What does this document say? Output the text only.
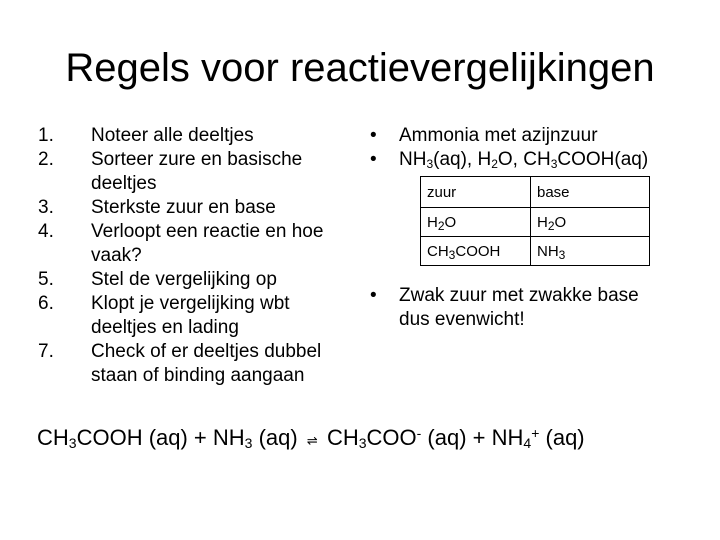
Regels voor reactievergelijkingen
1.	Noteer alle deeltjes
2.	Sorteer zure en basische
deeltjes
3.	Sterkste zuur en base
4.	Verloopt een reactie en hoe
vaak?
5.	Stel de vergelijking op
6.	Klopt je vergelijking wbt
deeltjes en lading
7.	Check of er deeltjes dubbel
staan of binding aangaan
•	Ammonia met azijnzuur
•	$NH_3(aq)$, $H_2O$, $CH_3COOH(aq)$
zuur	base
$H_2O$	$H_2O$
$CH_3COOH$	$NH_3$
•	Zwak zuur met zwakke base
dus evenwicht!
$CH_3COOH$ $(aq) + NH_3$ (aq) ⇌ $CH_3COO^-$ $(aq) + NH_4^+$ (aq)
